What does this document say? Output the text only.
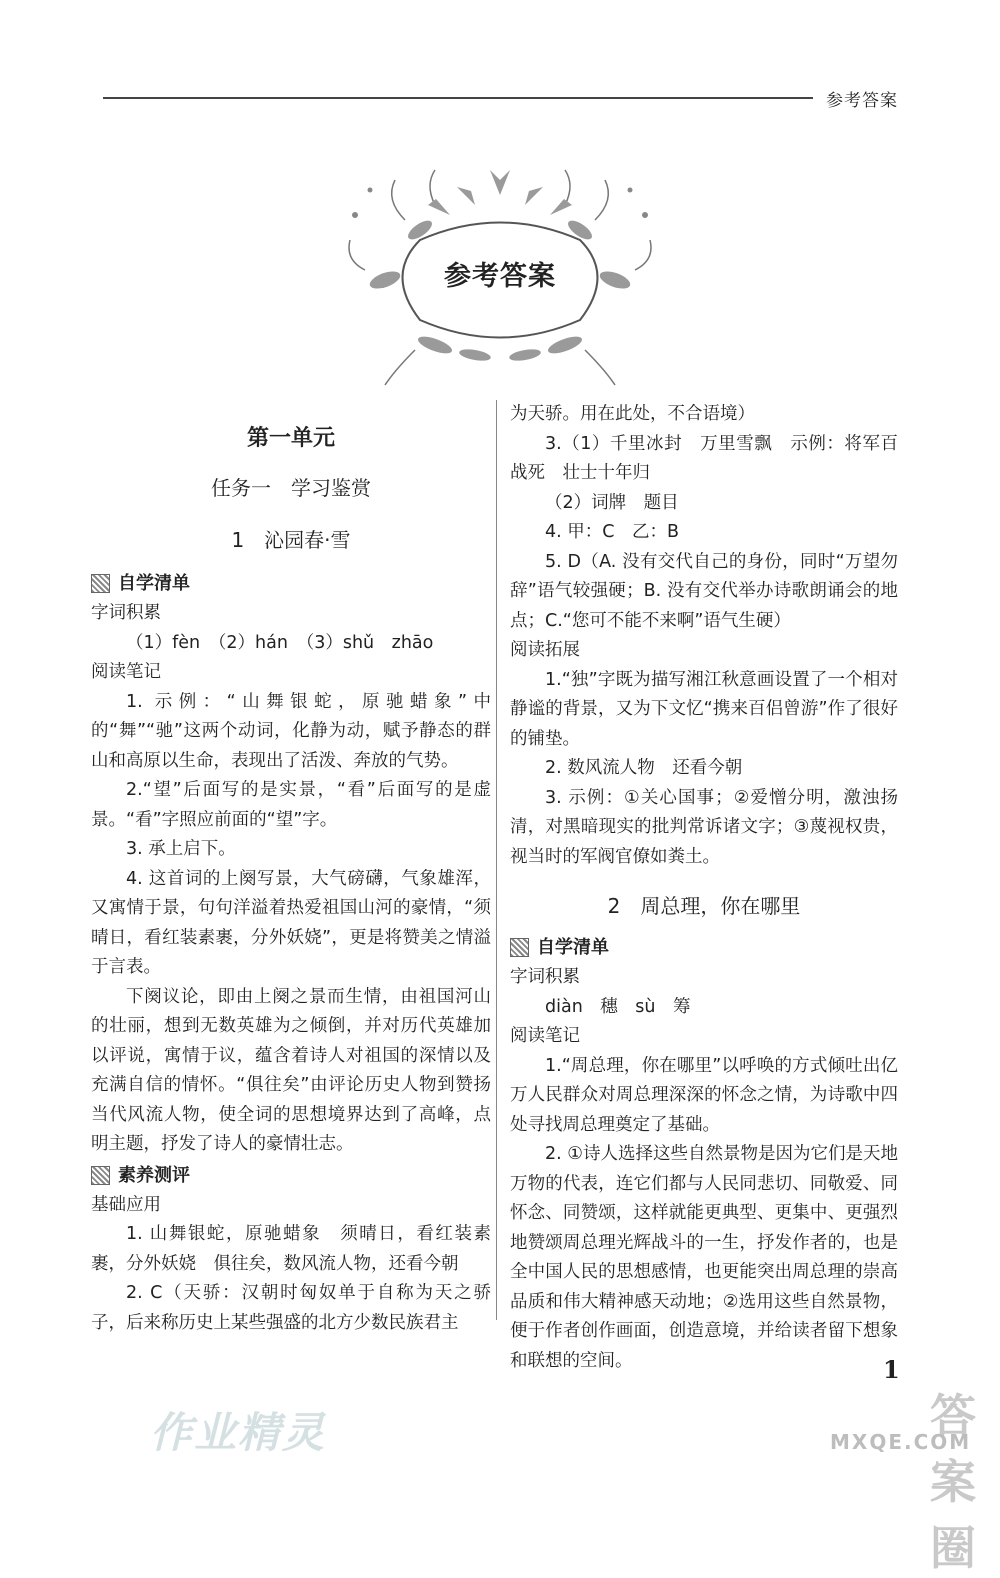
参考答案
参考答案
第一单元
任务一　学习鉴赏
1　沁园春·雪
自学清单

字词积累

（1）fèn　（2）hán　（3）shǔ　zhāo

阅读笔记

1. 示例：“山舞银蛇，原驰蜡象”中的“舞”“驰”这两个动词，化静为动，赋予静态的群山和高原以生命，表现出了活泼、奔放的气势。

2.“望”后面写的是实景，“看”后面写的是虚景。“看”字照应前面的“望”字。

3. 承上启下。

4. 这首词的上阕写景，大气磅礴，气象雄浑，又寓情于景，句句洋溢着热爱祖国山河的豪情，“须晴日，看红装素裹，分外妖娆”，更是将赞美之情溢于言表。

下阕议论，即由上阕之景而生情，由祖国河山的壮丽，想到无数英雄为之倾倒，并对历代英雄加以评说，寓情于议，蕴含着诗人对祖国的深情以及充满自信的情怀。“俱往矣”由评论历史人物到赞扬当代风流人物，使全词的思想境界达到了高峰，点明主题，抒发了诗人的豪情壮志。

素养测评

基础应用

1. 山舞银蛇，原驰蜡象　须晴日，看红装素裹，分外妖娆　俱往矣，数风流人物，还看今朝

2. C（天骄：汉朝时匈奴单于自称为天之骄子，后来称历史上某些强盛的北方少数民族君主

为天骄。用在此处，不合语境）

3.（1）千里冰封　万里雪飘　示例：将军百战死　壮士十年归

（2）词牌　题目

4. 甲：C　乙：B

5. D（A. 没有交代自己的身份，同时“万望勿辞”语气较强硬；B. 没有交代举办诗歌朗诵会的地点；C.“您可不能不来啊”语气生硬）

阅读拓展

1.“独”字既为描写湘江秋意画设置了一个相对静谧的背景，又为下文忆“携来百侣曾游”作了很好的铺垫。

2. 数风流人物　还看今朝

3. 示例：①关心国事；②爱憎分明，激浊扬清，对黑暗现实的批判常诉诸文字；③蔑视权贵，视当时的军阀官僚如粪土。

2　周总理，你在哪里
自学清单

字词积累

diàn　穗　sù　筹

阅读笔记

1.“周总理，你在哪里”以呼唤的方式倾吐出亿万人民群众对周总理深深的怀念之情，为诗歌中四处寻找周总理奠定了基础。

2. ①诗人选择这些自然景物是因为它们是天地万物的代表，连它们都与人民同悲切、同敬爱、同怀念、同赞颂，这样就能更典型、更集中、更强烈地赞颂周总理光辉战斗的一生，抒发作者的，也是全中国人民的思想感情，也更能突出周总理的崇高品质和伟大精神感天动地；②选用这些自然景物，便于作者创作画面，创造意境，并给读者留下想象和联想的空间。	1
作业精灵	答案圈
MXQE.COM
